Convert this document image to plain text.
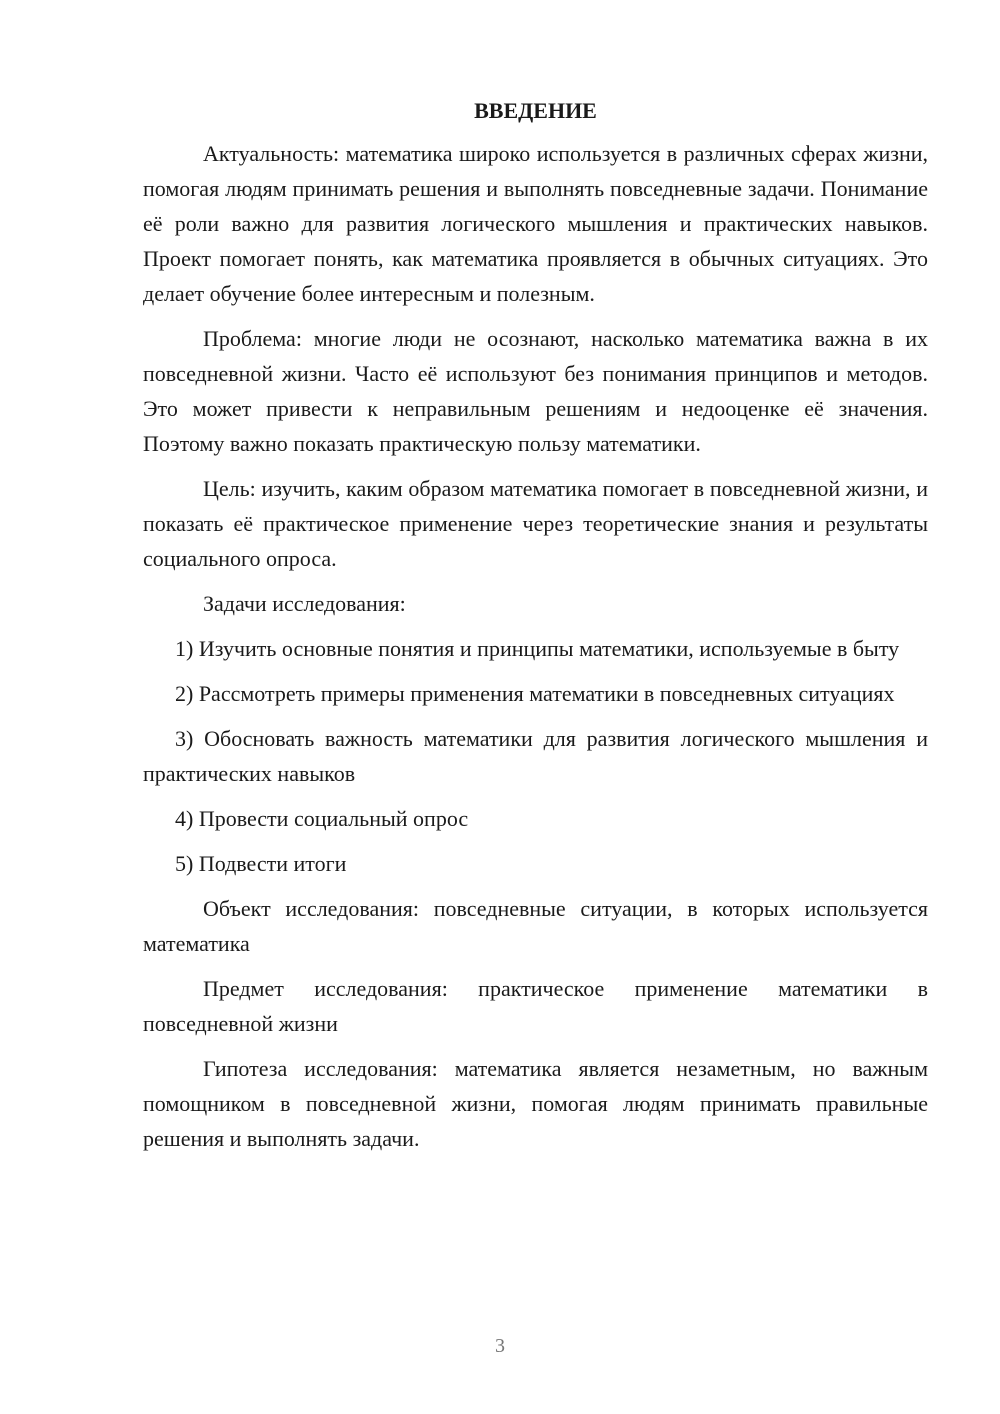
ВВЕДЕНИЕ

Актуальность: математика широко используется в различных сферах жизни, помогая людям принимать решения и выполнять повседневные задачи. Понимание её роли важно для развития логического мышления и практических навыков. Проект помогает понять, как математика проявляется в обычных ситуациях. Это делает обучение более интересным и полезным.

Проблема: многие люди не осознают, насколько математика важна в их повседневной жизни. Часто её используют без понимания принципов и методов. Это может привести к неправильным решениям и недооценке её значения. Поэтому важно показать практическую пользу математики.

Цель: изучить, каким образом математика помогает в повседневной жизни, и показать её практическое применение через теоретические знания и результаты социального опроса.

Задачи исследования:

1) Изучить основные понятия и принципы математики, используемые в быту

2) Рассмотреть примеры применения математики в повседневных ситуациях

3) Обосновать важность математики для развития логического мышления и практических навыков

4) Провести социальный опрос

5) Подвести итоги

Объект исследования: повседневные ситуации, в которых используется математика

Предмет исследования: практическое применение математики в повседневной жизни

Гипотеза исследования: математика является незаметным, но важным помощником в повседневной жизни, помогая людям принимать правильные решения и выполнять задачи.

3
